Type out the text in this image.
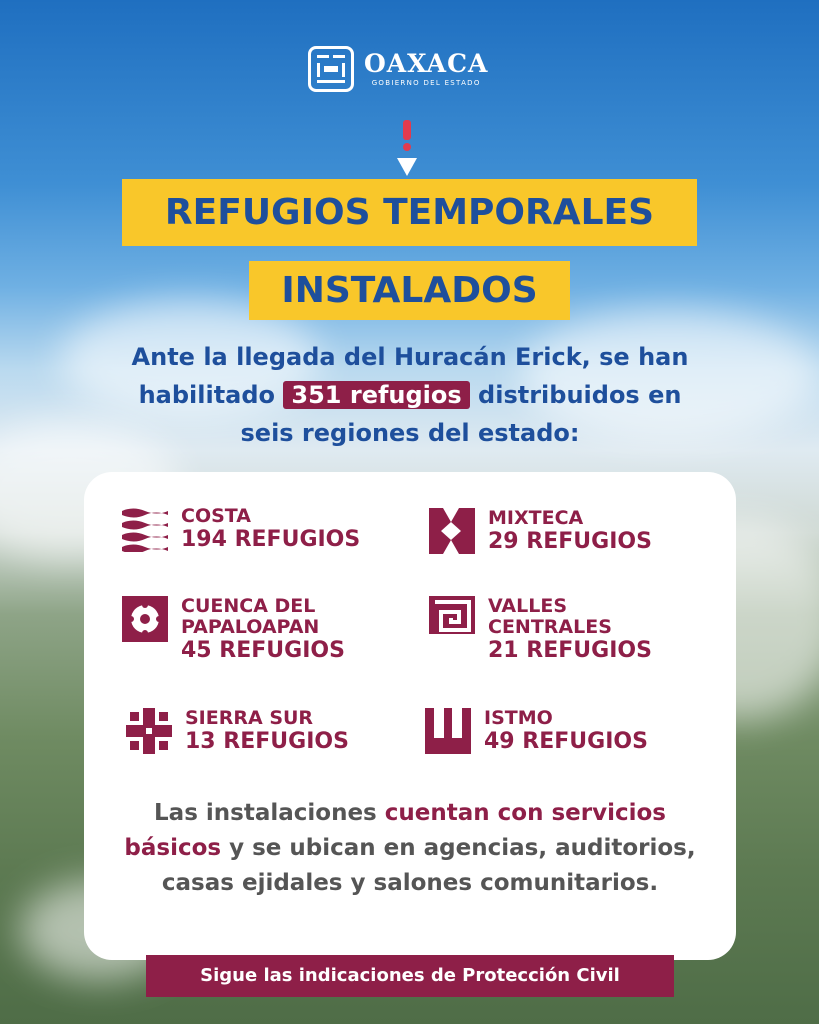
OAXACA
GOBIERNO DEL ESTADO
REFUGIOS TEMPORALES
INSTALADOS
Ante la llegada del Huracán Erick, se han
habilitado 351 refugios distribuidos en
seis regiones del estado:
COSTA
194 REFUGIOS
MIXTECA
29 REFUGIOS
CUENCA DEL
PAPALOAPAN
45 REFUGIOS
VALLES
CENTRALES
21 REFUGIOS
SIERRA SUR
13 REFUGIOS
ISTMO
49 REFUGIOS
Las instalaciones cuentan con servicios básicos y se ubican en agencias, auditorios, casas ejidales y salones comunitarios.
Sigue las indicaciones de Protección Civil
